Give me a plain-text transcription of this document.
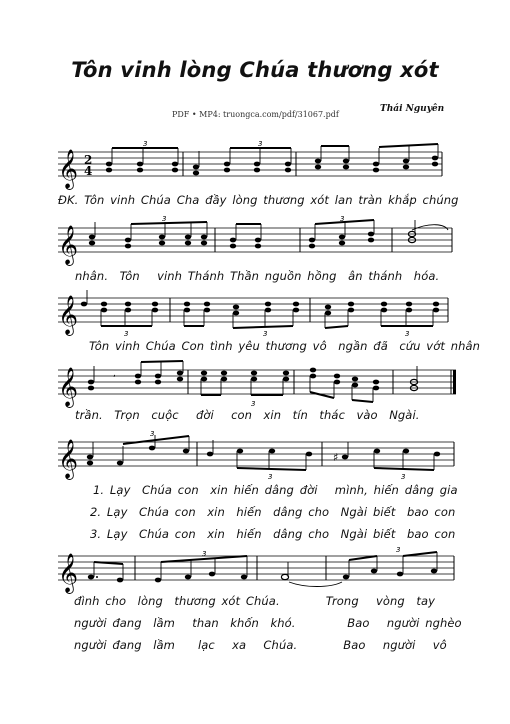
Tôn vinh lòng Chúa thương xót
PDF • MP4: truongca.com/pdf/31067.pdf
Thái Nguyên
𝄞 2
4
3	3
ĐK. Tôn vinh Chúa Cha đầy lòng thương xót lan tràn khắp chúng
𝄞
3	3
nhân.  Tôn   vinh Thánh Thần nguồn hồng  ân thánh  hóa.
𝄞	3	3	3
Tôn vinh Chúa Con tình yêu thương vô  ngần đã  cứu vớt nhân
𝄞	,
3
trần.  Trọn  cuộc   đời   con  xin  tín  thác  vào  Ngài.
𝄞	♯
3
3	3
1. Lạy  Chúa con  xin hiến dâng đời   mình, hiến dâng gia
2. Lạy  Chúa con  xin  hiến  dâng cho  Ngài biết  bao con
3. Lạy  Chúa con  xin  hiến  dâng cho  Ngài biết  bao con
𝄞	3	3
đình cho  lòng  thương xót Chúa.        Trong   vòng  tay
người đang  lầm   than  khốn  khó.         Bao   người nghèo
người đang  lầm    lạc   xa   Chúa.        Bao   người   vô
